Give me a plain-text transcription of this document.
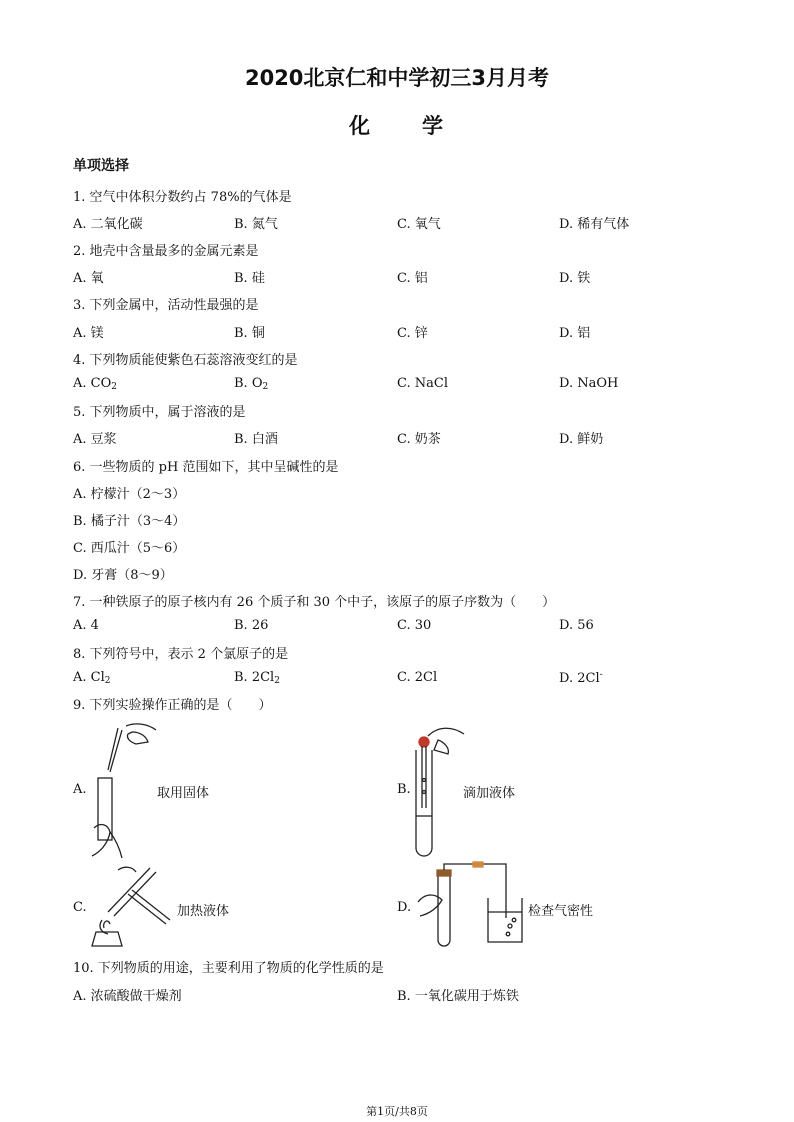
2020北京仁和中学初三3月月考
化 学
单项选择
1. 空气中体积分数约占 78%的气体是
A. 二氧化碳	B. 氮气	C. 氧气	D. 稀有气体
2. 地壳中含量最多的金属元素是
A. 氧	B. 硅	C. 铝	D. 铁
3. 下列金属中，活动性最强的是
A. 镁	B. 铜	C. 锌	D. 铝
4. 下列物质能使紫色石蕊溶液变红的是
A. $CO_2$	B. $O_2$	C. NaCl	D. NaOH
5. 下列物质中，属于溶液的是
A. 豆浆	B. 白酒	C. 奶茶	D. 鲜奶
6. 一些物质的 pH 范围如下，其中呈碱性的是
A. 柠檬汁（2～3）
B. 橘子汁（3～4）
C. 西瓜汁（5～6）
D. 牙膏（8～9）
7. 一种铁原子的原子核内有 26 个质子和 30 个中子，该原子的原子序数为（　　）
A. 4	B. 26	C. 30	D. 56
8. 下列符号中，表示 2 个氯原子的是
A. $Cl_2$	B. $2Cl_2$	C. 2Cl	D. 2Cl-
9. 下列实验操作正确的是（　　）
A.	取用固体	B.	滴加液体
C.	加热液体	D.	检查气密性
10. 下列物质的用途，主要利用了物质的化学性质的是
A. 浓硫酸做干燥剂	B. 一氧化碳用于炼铁
第1页/共8页
